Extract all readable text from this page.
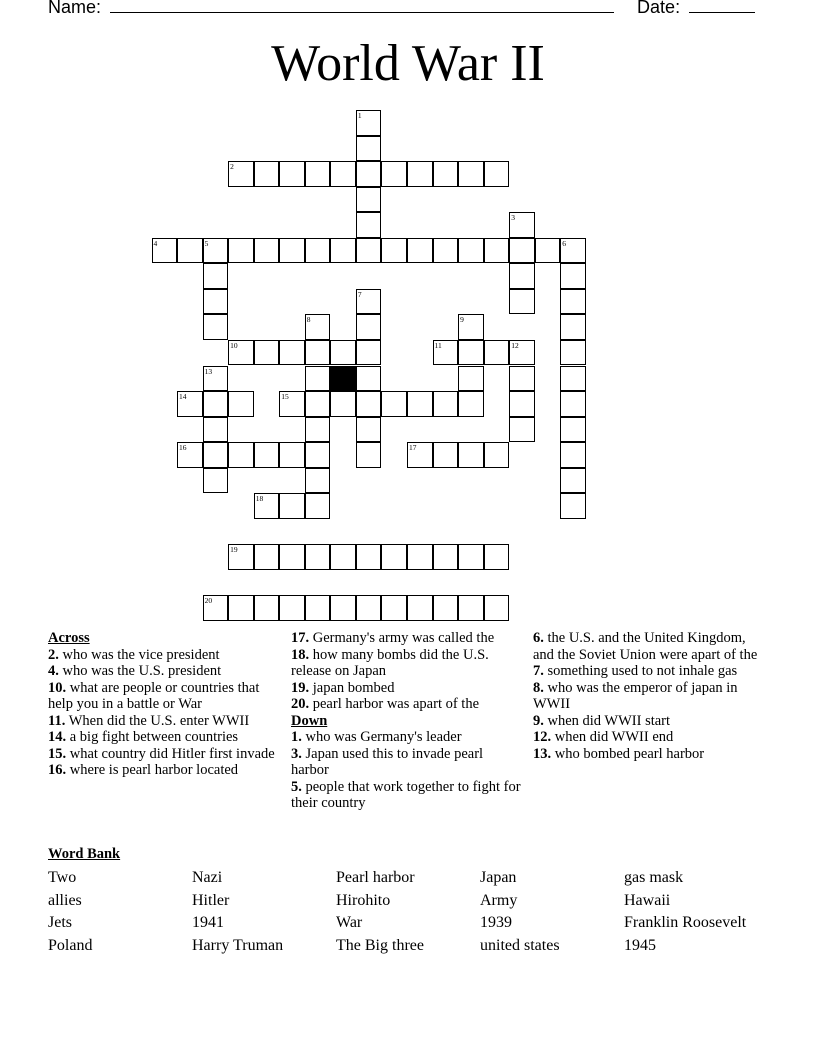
Name:	Date:
World War II
2
4	5	6
10	11	12
14	15
16	17
18
19
20
1
3
7
8	9
13
Across
2. who was the vice president
4. who was the U.S. president
10. what are people or countries that help you in a battle or War
11. When did the U.S. enter WWII
14. a big fight between countries
15. what country did Hitler first invade
16. where is pearl harbor located
17. Germany's army was called the
18. how many bombs did the U.S. release on Japan
19. japan bombed
20. pearl harbor was apart of the
Down
1. who was Germany's leader
3. Japan used this to invade pearl harbor
5. people that work together to fight for their country
6. the U.S. and the United Kingdom, and the Soviet Union were apart of the
7. something used to not inhale gas
8. who was the emperor of japan in WWII
9. when did WWII start
12. when did WWII end
13. who bombed pearl harbor
Word Bank
Two	Nazi	Pearl harbor	Japan	gas mask
allies	Hitler	Hirohito	Army	Hawaii
Jets	1941	War	1939	Franklin Roosevelt
Poland	Harry Truman	The Big three	united states	1945
